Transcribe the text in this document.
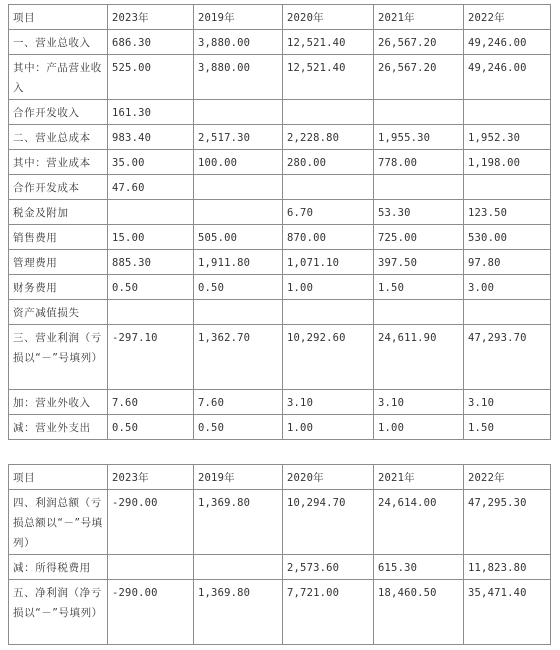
项目	2023年	2019年	2020年	2021年	2022年
一、营业总收入	686.30	3,880.00	12,521.40	26,567.20	49,246.00
其中：产品营业收入	525.00	3,880.00	12,521.40	26,567.20	49,246.00
合作开发收入	161.30				
二、营业总成本	983.40	2,517.30	2,228.80	1,955.30	1,952.30
其中：营业成本	35.00	100.00	280.00	778.00	1,198.00
合作开发成本	47.60				
税金及附加			6.70	53.30	123.50
销售费用	15.00	505.00	870.00	725.00	530.00
管理费用	885.30	1,911.80	1,071.10	397.50	97.80
财务费用	0.50	0.50	1.00	1.50	3.00
资产减值损失					
三、营业利润（亏损以“－”号填列）	-297.10	1,362.70	10,292.60	24,611.90	47,293.70
加：营业外收入	7.60	7.60	3.10	3.10	3.10
减：营业外支出	0.50	0.50	1.00	1.00	1.50
项目	2023年	2019年	2020年	2021年	2022年
四、利润总额（亏损总额以“－”号填列）	-290.00	1,369.80	10,294.70	24,614.00	47,295.30
减：所得税费用			2,573.60	615.30	11,823.80
五、净利润（净亏损以“－”号填列）	-290.00	1,369.80	7,721.00	18,460.50	35,471.40
